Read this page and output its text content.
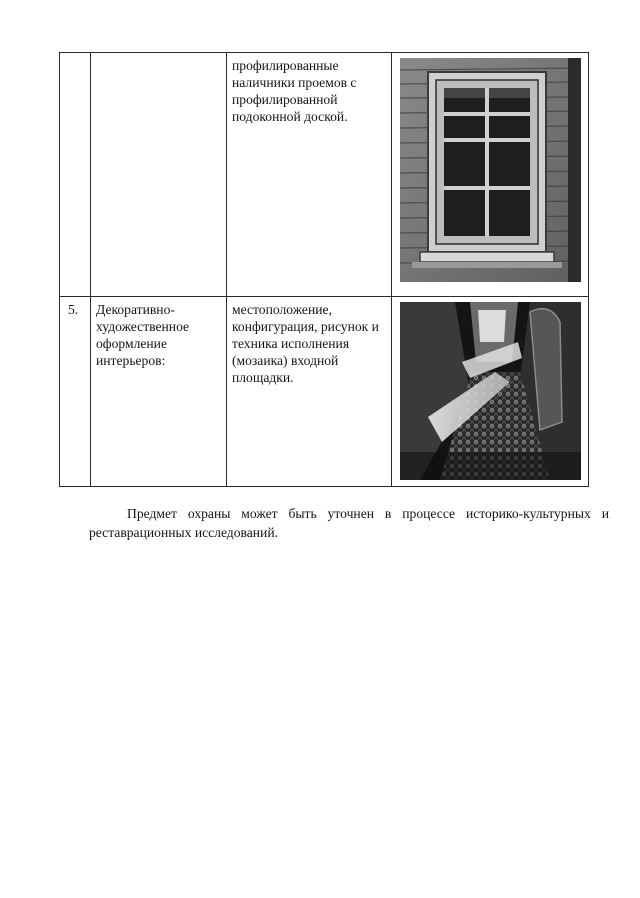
		профилированные наличники проемов с профилированной подоконной доской.

5.	Декоративно-художественное оформление интерьеров:	местоположение, конфигурация, рисунок и техника исполнения (мозаика) входной площадки.

Предмет охраны может быть уточнен в процессе историко-культурных и реставрационных исследований.
